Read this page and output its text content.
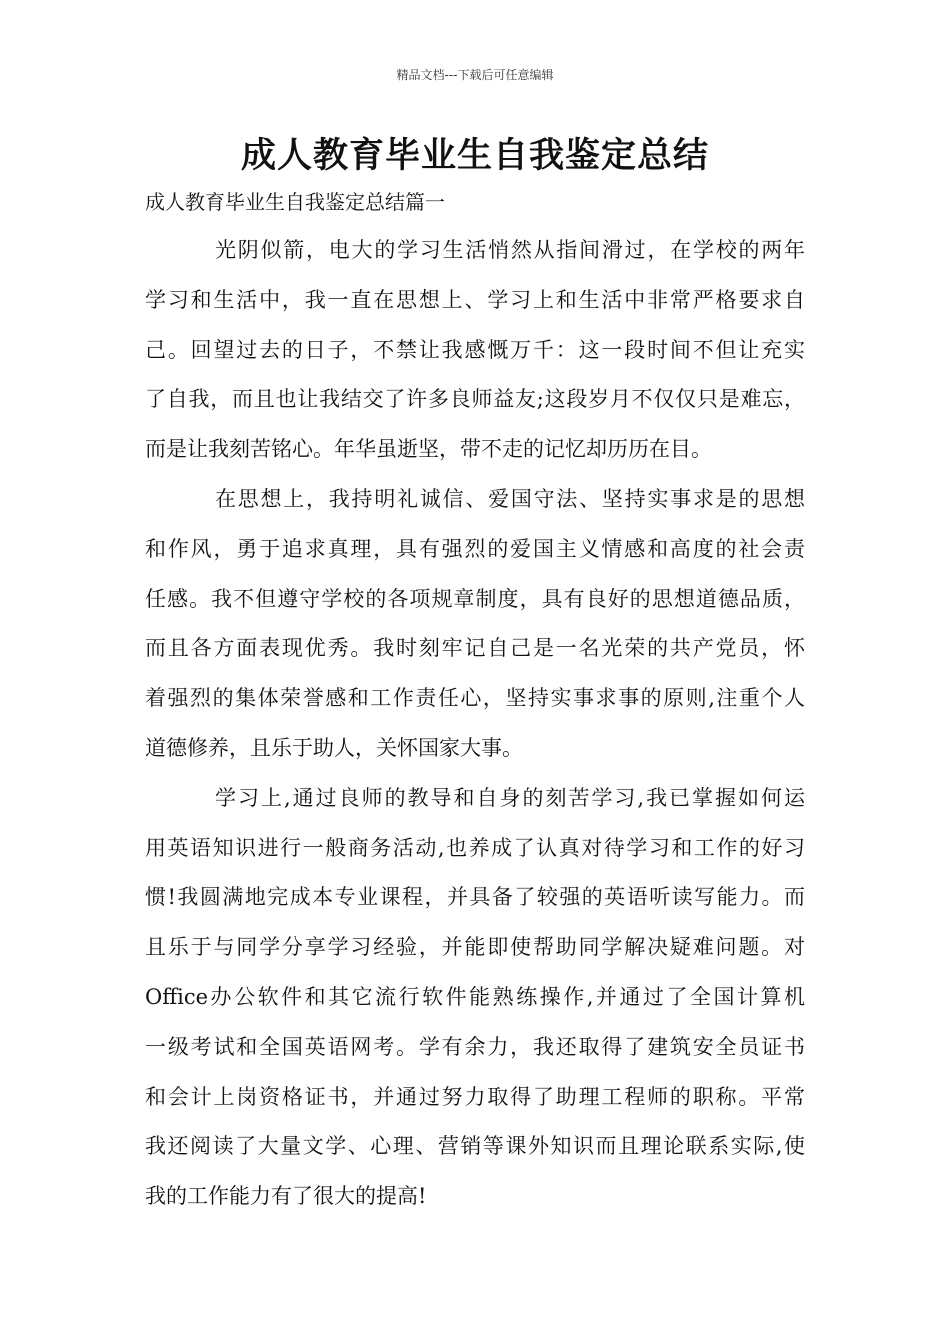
精品文档---下载后可任意编辑
成人教育毕业生自我鉴定总结

成人教育毕业生自我鉴定总结篇一

光阴似箭，电大的学习生活悄然从指间滑过，在学校的两年
学习和生活中，我一直在思想上、学习上和生活中非常严格要求自
己。回望过去的日子，不禁让我感慨万千：这一段时间不但让充实
了自我，而且也让我结交了许多良师益友;这段岁月不仅仅只是难忘，
而是让我刻苦铭心。年华虽逝坚，带不走的记忆却历历在目。
在思想上，我持明礼诚信、爱国守法、坚持实事求是的思想
和作风，勇于追求真理，具有强烈的爱国主义情感和高度的社会责
任感。我不但遵守学校的各项规章制度，具有良好的思想道德品质，
而且各方面表现优秀。我时刻牢记自己是一名光荣的共产党员，怀
着强烈的集体荣誉感和工作责任心，坚持实事求事的原则,注重个人
道德修养，且乐于助人，关怀国家大事。
学习上,通过良师的教导和自身的刻苦学习,我已掌握如何运
用英语知识进行一般商务活动,也养成了认真对待学习和工作的好习
惯!我圆满地完成本专业课程，并具备了较强的英语听读写能力。而
且乐于与同学分享学习经验，并能即使帮助同学解决疑难问题。对
Office办公软件和其它流行软件能熟练操作,并通过了全国计算机
一级考试和全国英语网考。学有余力，我还取得了建筑安全员证书
和会计上岗资格证书，并通过努力取得了助理工程师的职称。平常
我还阅读了大量文学、心理、营销等课外知识而且理论联系实际,使
我的工作能力有了很大的提高!
